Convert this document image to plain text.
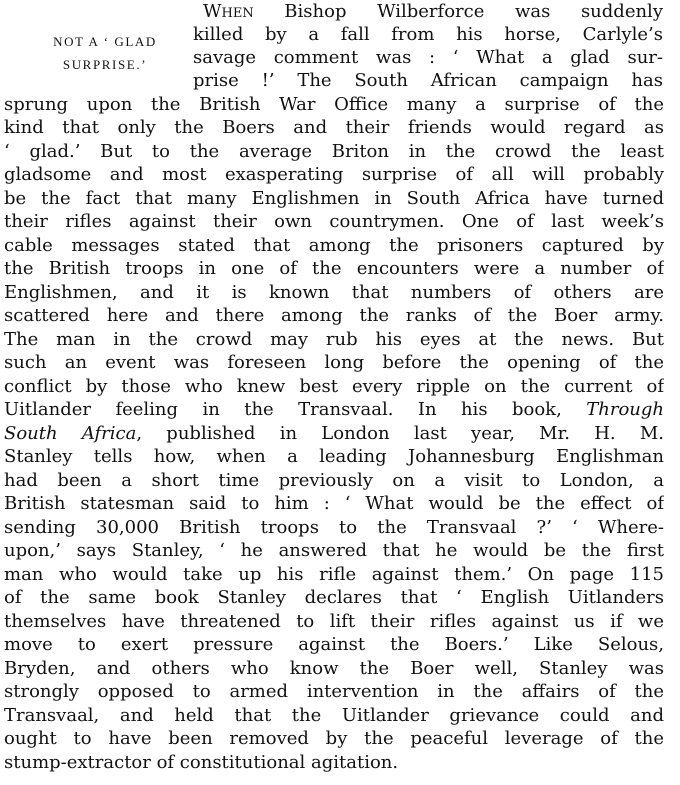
NOT A ‘ GLAD
SURPRISE.’
When Bishop Wilberforce was suddenly
killed by a fall from his horse, Carlyle’s
savage comment was : ‘ What a glad sur-
prise !’ The South African campaign has
sprung upon the British War Office many a surprise of the
kind that only the Boers and their friends would regard as
‘ glad.’ But to the average Briton in the crowd the least
gladsome and most exasperating surprise of all will probably
be the fact that many Englishmen in South Africa have turned
their rifles against their own countrymen. One of last week’s
cable messages stated that among the prisoners captured by
the British troops in one of the encounters were a number of
Englishmen, and it is known that numbers of others are
scattered here and there among the ranks of the Boer army.
The man in the crowd may rub his eyes at the news. But
such an event was foreseen long before the opening of the
conflict by those who knew best every ripple on the current of
Uitlander feeling in the Transvaal. In his book, Through
South Africa, published in London last year, Mr. H. M.
Stanley tells how, when a leading Johannesburg Englishman
had been a short time previously on a visit to London, a
British statesman said to him : ‘ What would be the effect of
sending 30,000 British troops to the Transvaal ?’ ‘ Where-
upon,’ says Stanley, ‘ he answered that he would be the first
man who would take up his rifle against them.’ On page 115
of the same book Stanley declares that ‘ English Uitlanders
themselves have threatened to lift their rifles against us if we
move to exert pressure against the Boers.’ Like Selous,
Bryden, and others who know the Boer well, Stanley was
strongly opposed to armed intervention in the affairs of the
Transvaal, and held that the Uitlander grievance could and
ought to have been removed by the peaceful leverage of the
stump-extractor of constitutional agitation.
